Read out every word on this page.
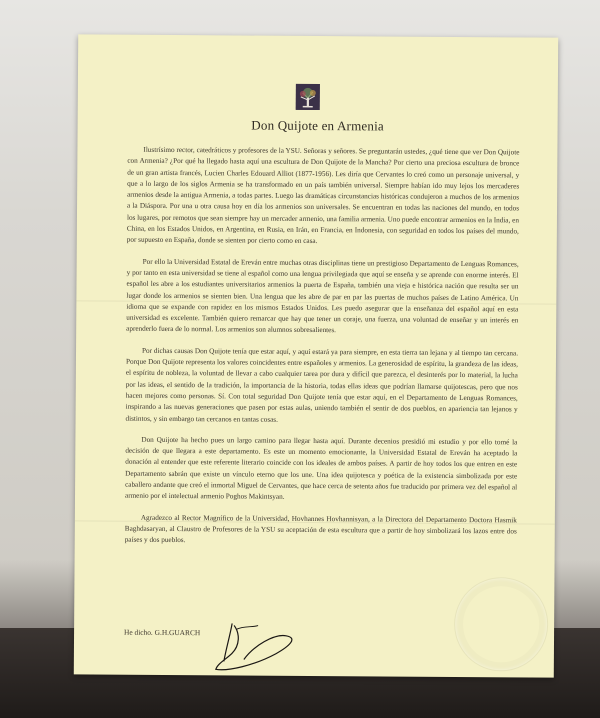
Don Quijote en Armenia

Ilustrísimo rector, catedráticos y profesores de la YSU. Señoras y señores. Se preguntarán ustedes, ¿qué tiene que ver Don Quijote con Armenia? ¿Por qué ha llegado hasta aquí una escultura de Don Quijote de la Mancha? Por cierto una preciosa escultura de bronce de un gran artista francés, Lucien Charles Edouard Alliot (1877-1956). Les diría que Cervantes lo creó como un personaje universal, y que a lo largo de los siglos Armenia se ha transformado en un país también universal. Siempre habían ido muy lejos los mercaderes armenios desde la antigua Armenia, a todas partes. Luego las dramáticas circunstancias históricas condujeron a muchos de los armenios a la Diáspora. Por una u otra causa hoy en día los armenios son universales. Se encuentran en todas las naciones del mundo, en todos los lugares, por remotos que sean siempre hay un mercader armenio, una familia armenia. Uno puede encontrar armenios en la India, en China, en los Estados Unidos, en Argentina, en Rusia, en Irán, en Francia, en Indonesia, con seguridad en todos los países del mundo, por supuesto en España, donde se sienten por cierto como en casa.

Por ello la Universidad Estatal de Ereván entre muchas otras disciplinas tiene un prestigioso Departamento de Lenguas Romances, y por tanto en esta universidad se tiene al español como una lengua privilegiada que aquí se enseña y se aprende con enorme interés. El español les abre a los estudiantes universitarios armenios la puerta de España, también una vieja e histórica nación que resulta ser un lugar donde los armenios se sienten bien. Una lengua que les abre de par en par las puertas de muchos países de Latino América. Un idioma que se expande con rapidez en los mismos Estados Unidos. Les puedo asegurar que la enseñanza del español aquí en esta universidad es excelente. También quiero remarcar que hay que tener un coraje, una fuerza, una voluntad de enseñar y un interés en aprenderlo fuera de lo normal. Los armenios son alumnos sobresalientes.

Por dichas causas Don Quijote tenía que estar aquí, y aquí estará ya para siempre, en esta tierra tan lejana y al tiempo tan cercana. Porque Don Quijote representa los valores coincidentes entre españoles y armenios. La generosidad de espíritu, la grandeza de las ideas, el espíritu de nobleza, la voluntad de llevar a cabo cualquier tarea por dura y difícil que parezca, el desinterés por lo material, la lucha por las ideas, el sentido de la tradición, la importancia de la historia, todas ellas ideas que podrían llamarse quijotescas, pero que nos hacen mejores como personas. Sí. Con total seguridad Don Quijote tenía que estar aquí, en el Departamento de Lenguas Romances, inspirando a las nuevas generaciones que pasen por estas aulas, uniendo también el sentir de dos pueblos, en apariencia tan lejanos y distintos, y sin embargo tan cercanos en tantas cosas.

Don Quijote ha hecho pues un largo camino para llegar hasta aquí. Durante decenios presidió mi estudio y por ello tomé la decisión de que llegara a este departamento. Es este un momento emocionante, la Universidad Estatal de Ereván ha aceptado la donación al entender que este referente literario coincide con los ideales de ambos países. A partir de hoy todos los que entren en este Departamento sabrán que existe un vínculo eterno que los une. Una idea quijotesca y poética de la existencia simbolizada por este caballero andante que creó el inmortal Miguel de Cervantes, que hace cerca de setenta años fue traducido por primera vez del español al armenio por el intelectual armenio Poghos Makintsyan.

Agradezco al Rector Magnífico de la Universidad, Hovhannes Hovhannisyan, a la Directora del Departamento Doctora Hasmik Baghdasaryan, al Claustro de Profesores de la YSU su aceptación de esta escultura que a partir de hoy simbolizará los lazos entre dos países y dos pueblos.

He dicho. G.H.GUARCH
